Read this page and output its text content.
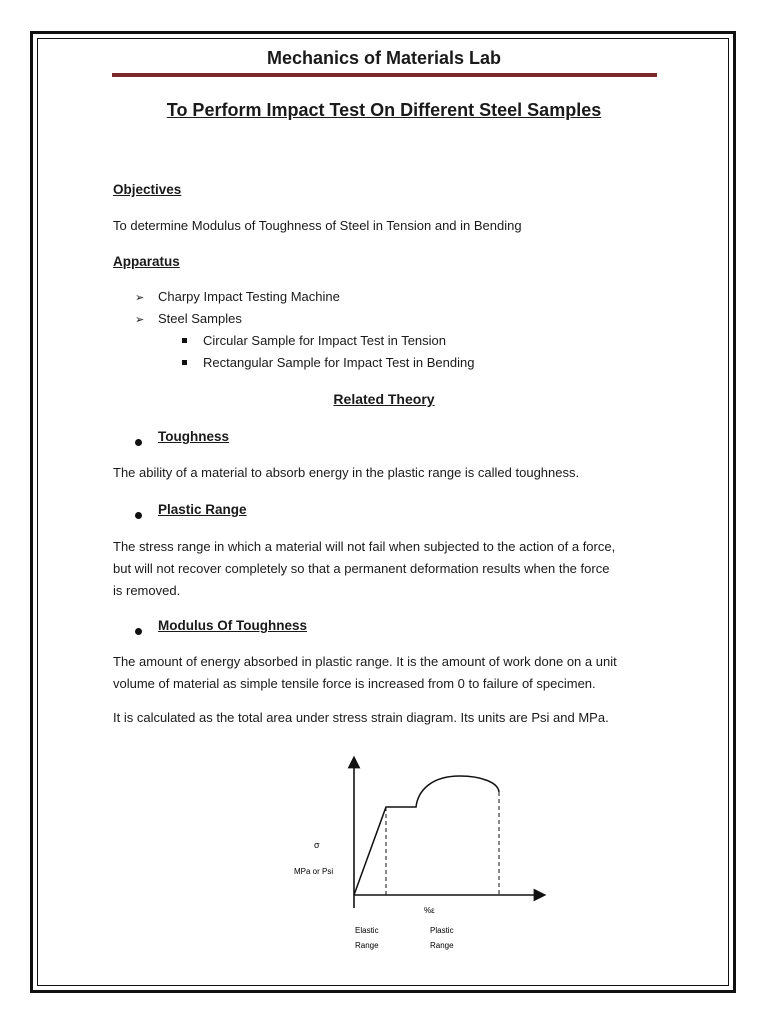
Mechanics of Materials Lab
To Perform Impact Test On Different Steel Samples
Objectives
To determine Modulus of Toughness of Steel in Tension and in Bending
Apparatus
➢ Charpy Impact Testing Machine
➢ Steel Samples
Circular Sample for Impact Test in Tension
Rectangular Sample for Impact Test in Bending
Related Theory
Toughness
The ability of a material to absorb energy in the plastic range is called toughness.
Plastic Range
The stress range in which a material will not fail when subjected to the action of a force,
but will not recover completely so that a permanent deformation results when the force
is removed.
Modulus Of Toughness
The amount of energy absorbed in plastic range. It is the amount of work done on a unit
volume of material as simple tensile force is increased from 0 to failure of specimen.
It is calculated as the total area under stress strain diagram. Its units are Psi and MPa.
σ
MPa or Psi
%ε
Elastic
Range
Plastic
Range
